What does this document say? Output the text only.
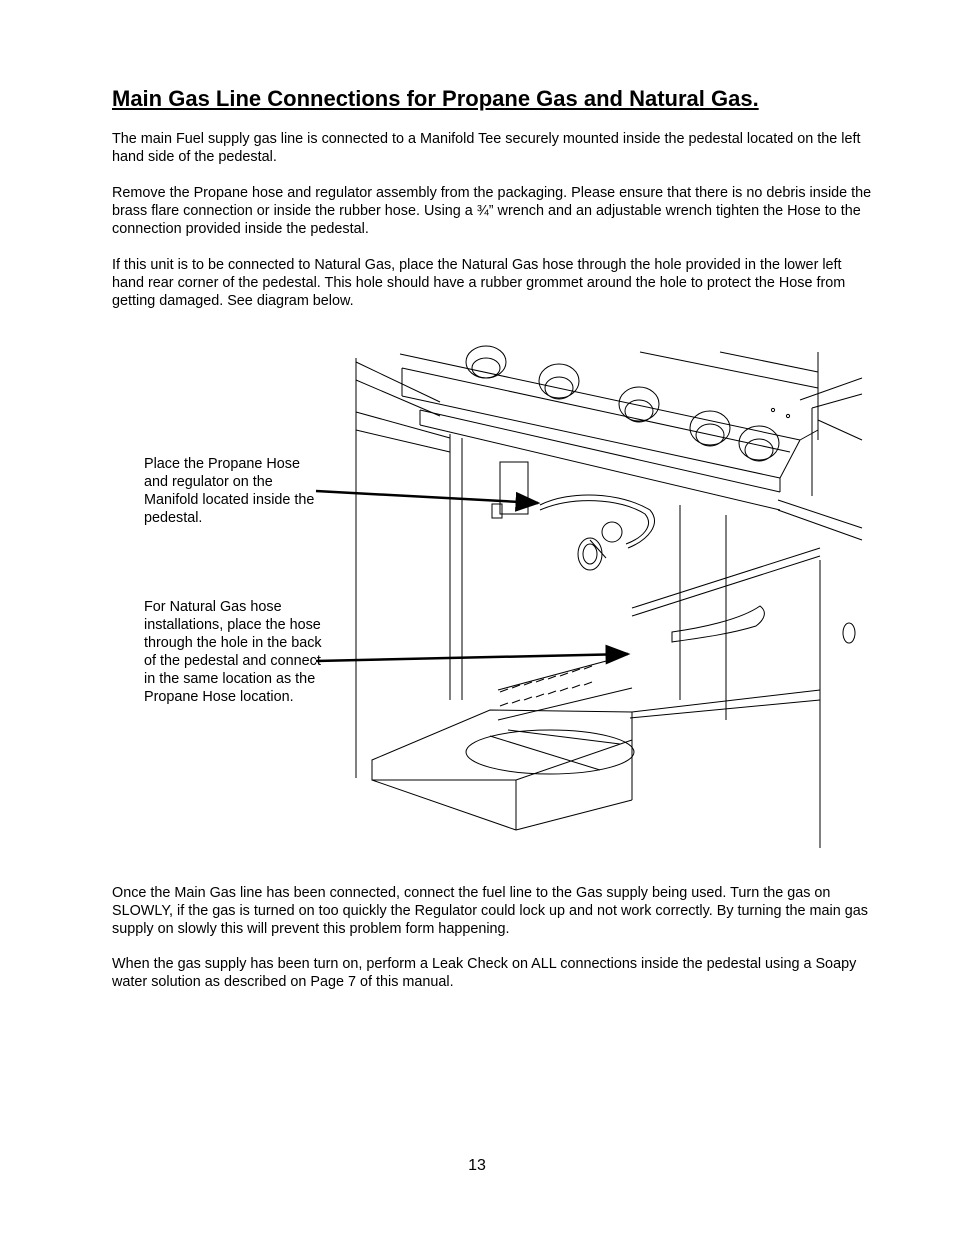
Main Gas Line Connections for Propane Gas and Natural Gas.

The main Fuel supply gas line is connected to a Manifold Tee securely mounted inside the pedestal located on the left hand side of the pedestal.

Remove the Propane hose and regulator assembly from the packaging. Please ensure that there is no debris inside the brass flare connection or inside the rubber hose. Using a ¾” wrench and an adjustable wrench tighten the Hose to the connection provided inside the pedestal.

If this unit is to be connected to Natural Gas, place the Natural Gas hose through the hole provided in the lower left hand rear corner of the pedestal. This hole should have a rubber grommet around the hole to protect the Hose from getting damaged. See diagram below.

Place the Propane Hose and regulator on the Manifold located inside the pedestal.

For Natural Gas hose installations, place the hose through the hole in the back of the pedestal and connect in the same location as the Propane Hose location.

Once the Main Gas line has been connected, connect the fuel line to the Gas supply being used. Turn the gas on SLOWLY, if the gas is turned on too quickly the Regulator could lock up and not work correctly. By turning the main gas supply on slowly this will prevent this problem form happening.

When the gas supply has been turn on, perform a Leak Check on ALL connections inside the pedestal using a Soapy water solution as described on Page 7 of this manual.

13
